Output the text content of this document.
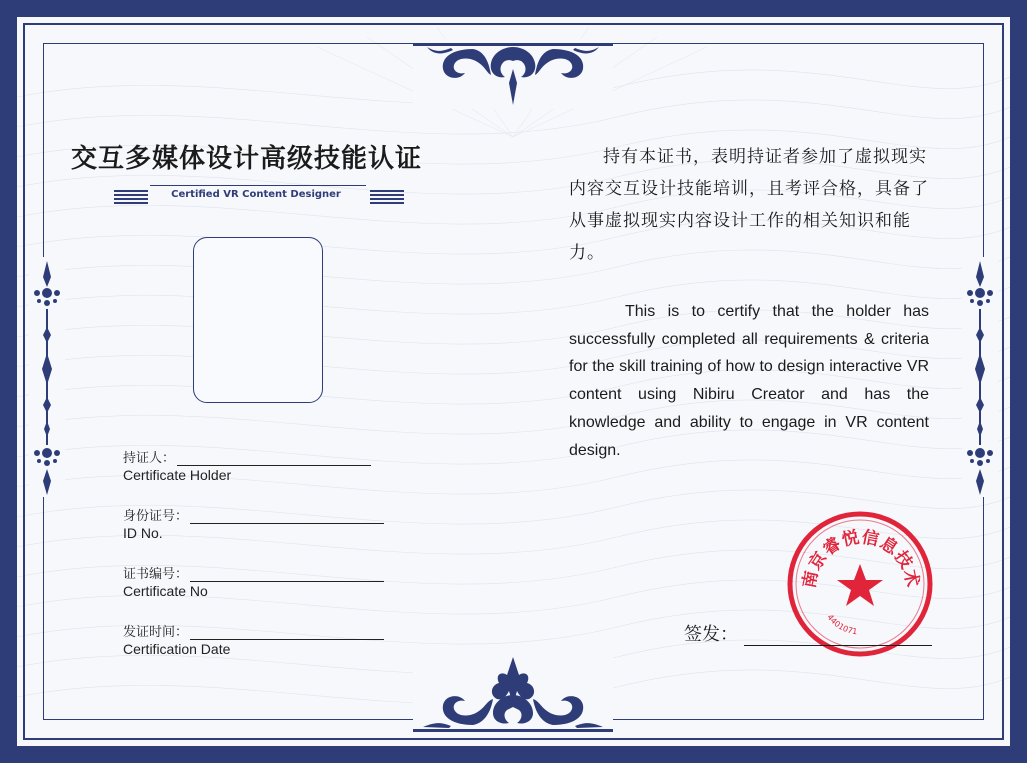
交互多媒体设计高级技能认证
Certified VR Content Designer
持证人：
Certificate Holder
身份证号：
ID No.
证书编号：
Certificate No
发证时间：
Certification Date
持有本证书，表明持证者参加了虚拟现实内容交互设计技能培训，且考评合格，具备了从事虚拟现实内容设计工作的相关知识和能力。
This is to certify that the holder has successfully completed all requirements & criteria for the skill training of how to design interactive VR content using Nibiru Creator and has the knowledge and ability to engage in VR content design.
南京睿悦信息技术
4401071
签发：
